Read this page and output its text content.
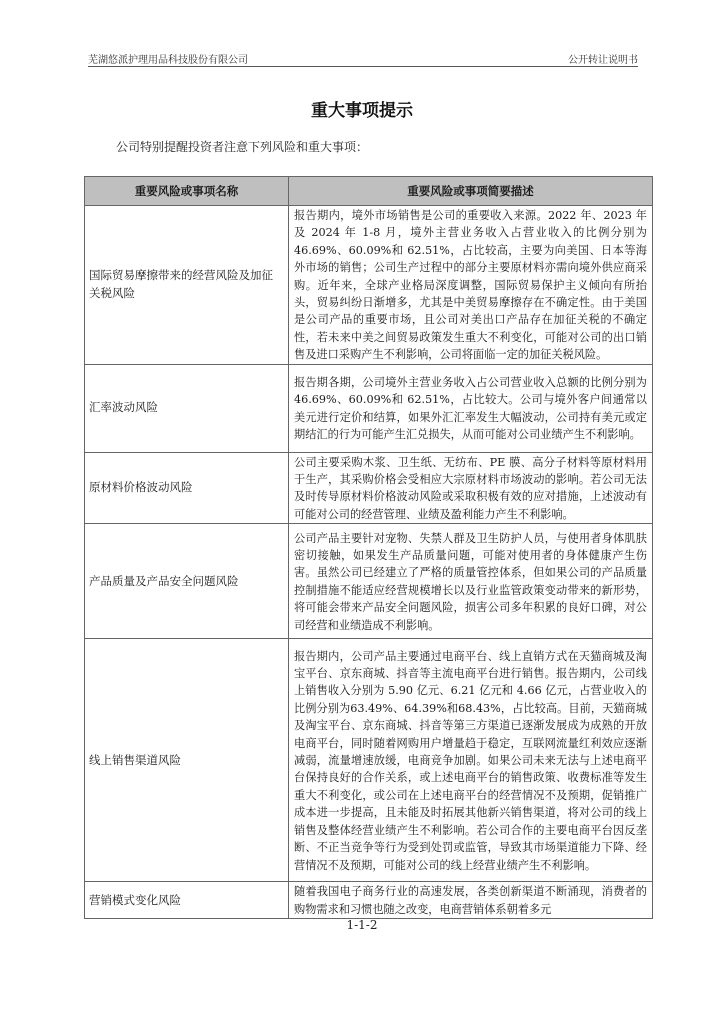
芜湖悠派护理用品科技股份有限公司	公开转让说明书
重大事项提示
公司特别提醒投资者注意下列风险和重大事项：
重要风险或事项名称	重要风险或事项简要描述
国际贸易摩擦带来的经营风险及加征关税风险	报告期内，境外市场销售是公司的重要收入来源。2022 年、2023 年及 2024 年 1-8 月，境外主营业务收入占营业收入的比例分别为 46.69%、60.09%和 62.51%，占比较高，主要为向美国、日本等海外市场的销售；公司生产过程中的部分主要原材料亦需向境外供应商采购。近年来，全球产业格局深度调整，国际贸易保护主义倾向有所抬头，贸易纠纷日渐增多，尤其是中美贸易摩擦存在不确定性。由于美国是公司产品的重要市场，且公司对美出口产品存在加征关税的不确定性，若未来中美之间贸易政策发生重大不利变化，可能对公司的出口销售及进口采购产生不利影响，公司将面临一定的加征关税风险。

汇率波动风险	报告期各期，公司境外主营业务收入占公司营业收入总额的比例分别为 46.69%、60.09%和 62.51%，占比较大。公司与境外客户间通常以美元进行定价和结算，如果外汇汇率发生大幅波动，公司持有美元或定期结汇的行为可能产生汇兑损失，从而可能对公司业绩产生不利影响。

原材料价格波动风险	公司主要采购木浆、卫生纸、无纺布、PE 膜、高分子材料等原材料用于生产，其采购价格会受相应大宗原材料市场波动的影响。若公司无法及时传导原材料价格波动风险或采取积极有效的应对措施，上述波动有可能对公司的经营管理、业绩及盈利能力产生不利影响。

产品质量及产品安全问题风险	公司产品主要针对宠物、失禁人群及卫生防护人员，与使用者身体肌肤密切接触，如果发生产品质量问题，可能对使用者的身体健康产生伤害。虽然公司已经建立了严格的质量管控体系，但如果公司的产品质量控制措施不能适应经营规模增长以及行业监管政策变动带来的新形势，将可能会带来产品安全问题风险，损害公司多年积累的良好口碑，对公司经营和业绩造成不利影响。

线上销售渠道风险	报告期内，公司产品主要通过电商平台、线上直销方式在天猫商城及淘宝平台、京东商城、抖音等主流电商平台进行销售。报告期内，公司线上销售收入分别为 5.90 亿元、6.21 亿元和 4.66 亿元，占营业收入的比例分别为63.49%、64.39%和68.43%，占比较高。目前，天猫商城及淘宝平台、京东商城、抖音等第三方渠道已逐渐发展成为成熟的开放电商平台，同时随着网购用户增量趋于稳定，互联网流量红利效应逐渐减弱，流量增速放缓，电商竞争加剧。如果公司未来无法与上述电商平台保持良好的合作关系，或上述电商平台的销售政策、收费标准等发生重大不利变化，或公司在上述电商平台的经营情况不及预期，促销推广成本进一步提高，且未能及时拓展其他新兴销售渠道，将对公司的线上销售及整体经营业绩产生不利影响。若公司合作的主要电商平台因反垄断、不正当竞争等行为受到处罚或监管，导致其市场渠道能力下降、经营情况不及预期，可能对公司的线上经营业绩产生不利影响。

营销模式变化风险	随着我国电子商务行业的高速发展，各类创新渠道不断涌现，消费者的购物需求和习惯也随之改变，电商营销体系朝着多元
1-1-2
